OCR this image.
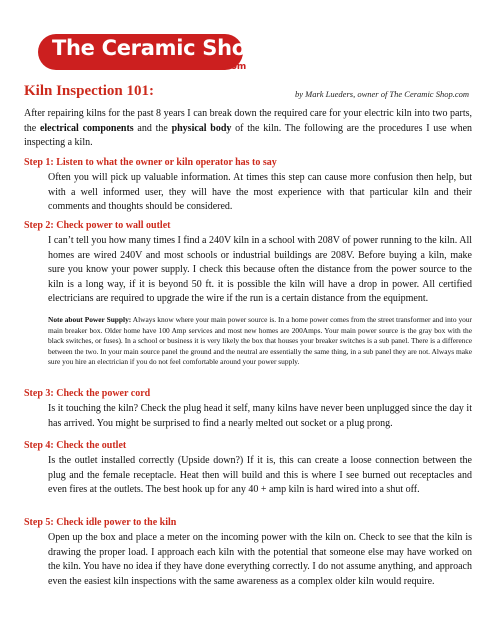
The Ceramic Shop
.com
Kiln Inspection 101:	by Mark Lueders, owner of The Ceramic Shop.com
After repairing kilns for the past 8 years I can break down the required care for your electric kiln into two parts, the electrical components and the physical body of the kiln. The following are the procedures I use when inspecting a kiln.
Step 1: Listen to what the owner or kiln operator has to say
Often you will pick up valuable information. At times this step can cause more confusion then help, but with a well informed user, they will have the most experience with that particular kiln and their comments and thoughts should be considered.
Step 2: Check power to wall outlet
I can’t tell you how many times I find a 240V kiln in a school with 208V of power running to the kiln. All homes are wired 240V and most schools or industrial buildings are 208V. Before buying a kiln, make sure you know your power supply. I check this because often the distance from the power source to the kiln is a long way, if it is beyond 50 ft. it is possible the kiln will have a drop in power. All certified electricians are required to upgrade the wire if the run is a certain distance from the equipment.
Note about Power Supply: Always know where your main power source is. In a home power comes from the street transformer and into your main breaker box. Older home have 100 Amp services and most new homes are 200Amps. Your main power source is the gray box with the black switches, or fuses). In a school or business it is very likely the box that houses your breaker switches is a sub panel. There is a difference between the two. In your main source panel the ground and the neutral are essentially the same thing, in a sub panel they are not. Always make sure you hire an electrician if you do not feel comfortable around your power supply.
Step 3: Check the power cord
Is it touching the kiln? Check the plug head it self, many kilns have never been unplugged since the day it has arrived. You might be surprised to find a nearly melted out socket or a plug prong.
Step 4: Check the outlet
Is the outlet installed correctly (Upside down?) If it is, this can create a loose connection between the plug and the female receptacle. Heat then will build and this is where I see burned out receptacles and even fires at the outlets. The best hook up for any 40 + amp kiln is hard wired into a shut off.
Step 5: Check idle power to the kiln
Open up the box and place a meter on the incoming power with the kiln on. Check to see that the kiln is drawing the proper load. I approach each kiln with the potential that someone else may have worked on the kiln. You have no idea if they have done everything correctly. I do not assume anything, and approach even the easiest kiln inspections with the same awareness as a complex older kiln would require.
